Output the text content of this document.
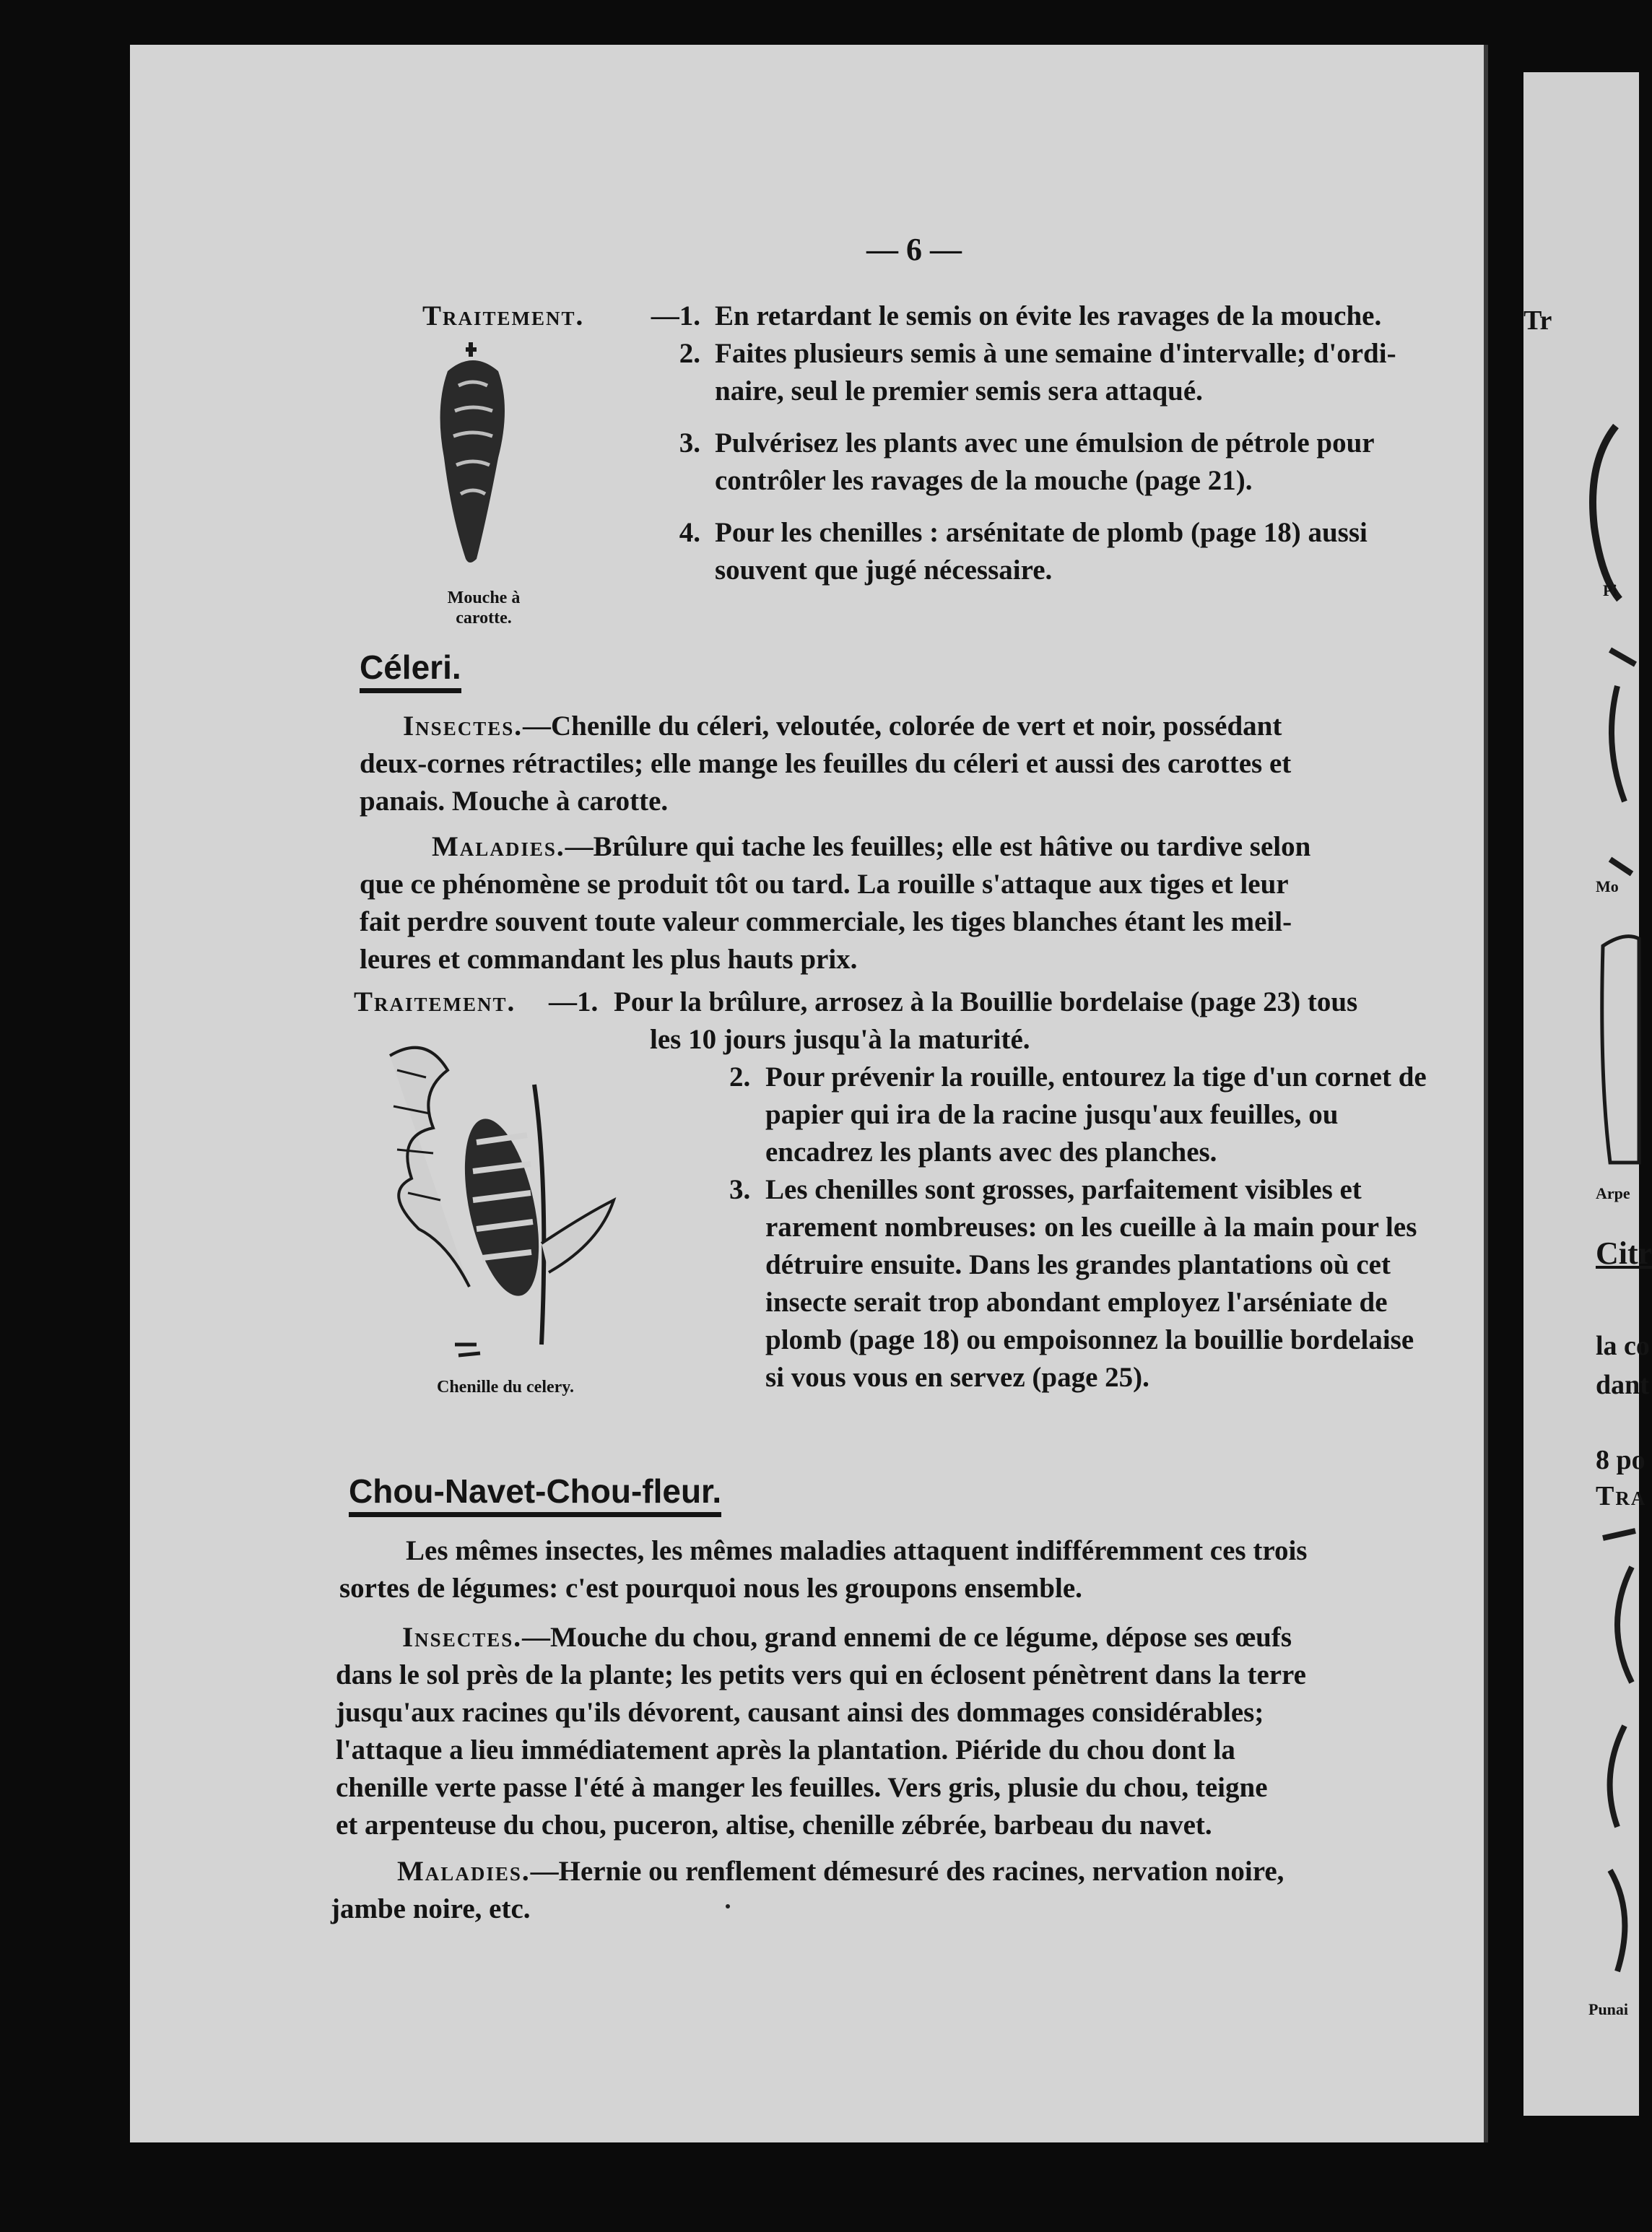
— 6 —
Traitement.	—1. En retardant le semis on évite les ravages de la mouche.
2. Faites plusieurs semis à une semaine d'intervalle; d'ordi-
naire, seul le premier semis sera attaqué.
3. Pulvérisez les plants avec une émulsion de pétrole pour
contrôler les ravages de la mouche (page 21).
4. Pour les chenilles : arsénitate de plomb (page 18) aussi
souvent que jugé nécessaire.
Mouche à
carotte.
Céleri.
Insectes.—Chenille du céleri, veloutée, colorée de vert et noir, possédant
deux-cornes rétractiles; elle mange les feuilles du céleri et aussi des carottes et
panais. Mouche à carotte.
Maladies.—Brûlure qui tache les feuilles; elle est hâtive ou tardive selon
que ce phénomène se produit tôt ou tard. La rouille s'attaque aux tiges et leur
fait perdre souvent toute valeur commerciale, les tiges blanches étant les meil-
leures et commandant les plus hauts prix.
Traitement. —1. Pour la brûlure, arrosez à la Bouillie bordelaise (page 23) tous
les 10 jours jusqu'à la maturité.
2. Pour prévenir la rouille, entourez la tige d'un cornet de
papier qui ira de la racine jusqu'aux feuilles, ou
encadrez les plants avec des planches.
3. Les chenilles sont grosses, parfaitement visibles et
rarement nombreuses: on les cueille à la main pour les
détruire ensuite. Dans les grandes plantations où cet
insecte serait trop abondant employez l'arséniate de
plomb (page 18) ou empoisonnez la bouillie bordelaise
si vous vous en servez (page 25).
Chenille du celery.
Chou-Navet-Chou-fleur.
Les mêmes insectes, les mêmes maladies attaquent indifféremment ces trois
sortes de légumes: c'est pourquoi nous les groupons ensemble.
Insectes.—Mouche du chou, grand ennemi de ce légume, dépose ses œufs
dans le sol près de la plante; les petits vers qui en éclosent pénètrent dans la terre
jusqu'aux racines qu'ils dévorent, causant ainsi des dommages considérables;
l'attaque a lieu immédiatement après la plantation. Piéride du chou dont la
chenille verte passe l'été à manger les feuilles. Vers gris, plusie du chou, teigne
et arpenteuse du chou, puceron, altise, chenille zébrée, barbeau du navet.
Maladies.—Hernie ou renflement démesuré des racines, nervation noire,
jambe noire, etc.
Tr
Pi
Mo
Arpe
Citr
la co
dant
8 po
Tra
Punai
